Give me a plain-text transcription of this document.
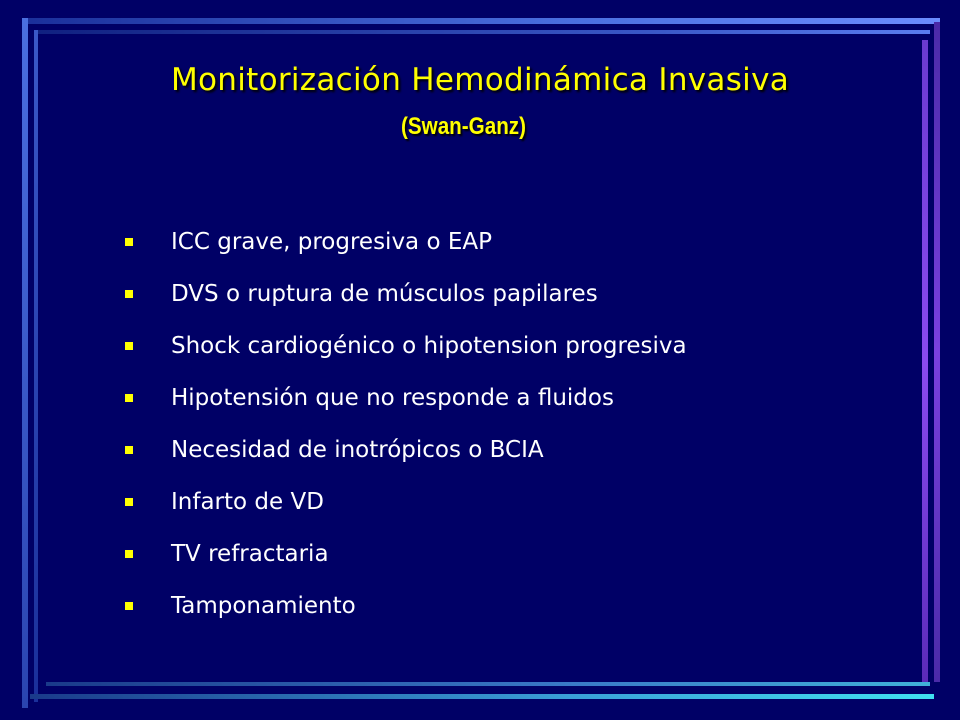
Monitorización Hemodinámica Invasiva
(Swan-Ganz)
ICC grave, progresiva o EAP
DVS o ruptura de músculos papilares
Shock cardiogénico o hipotension progresiva
Hipotensión que no responde a fluidos
Necesidad de inotrópicos o BCIA
Infarto de VD
TV refractaria
Tamponamiento
